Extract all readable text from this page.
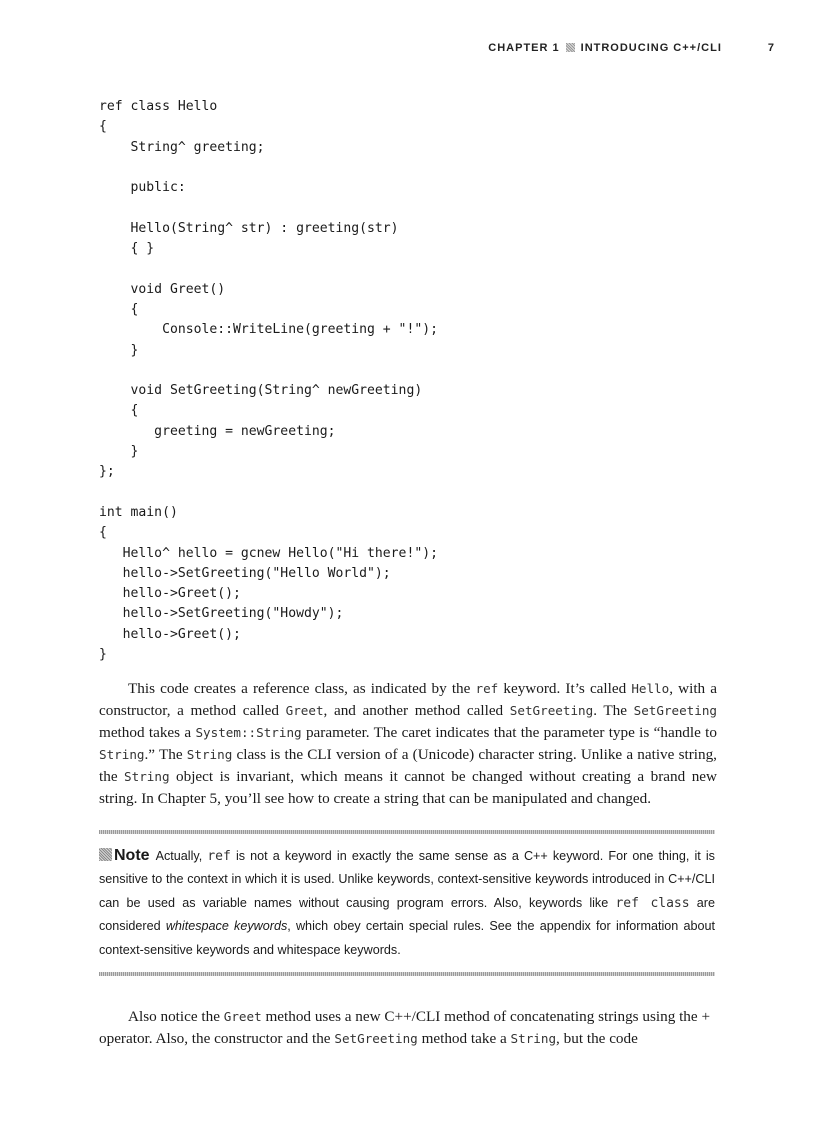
CHAPTER 1 INTRODUCING C++/CLI	7
ref class Hello
{
String^ greeting;
public:
Hello(String^ str) : greeting(str)
{ }
void Greet()
{
Console::WriteLine(greeting + "!");
}
void SetGreeting(String^ newGreeting)
{
greeting = newGreeting;
}
};
int main()
{
Hello^ hello = gcnew Hello("Hi there!");
hello->SetGreeting("Hello World");
hello->Greet();
hello->SetGreeting("Howdy");
hello->Greet();
}

This code creates a reference class, as indicated by the ref keyword. It’s called Hello, with a constructor, a method called Greet, and another method called SetGreeting. The SetGreeting method takes a System::String parameter. The caret indicates that the parameter type is “handle to String.” The String class is the CLI version of a (Unicode) character string. Unlike a native string, the String object is invariant, which means it cannot be changed without creating a brand new string. In Chapter 5, you’ll see how to create a string that can be manipulated and changed.

Note Actually, ref is not a keyword in exactly the same sense as a C++ keyword. For one thing, it is sensitive to the context in which it is used. Unlike keywords, context-sensitive keywords introduced in C++/CLI can be used as variable names without causing program errors. Also, keywords like ref class are considered whitespace keywords, which obey certain special rules. See the appendix for information about context-sensitive keywords and whitespace keywords.

Also notice the Greet method uses a new C++/CLI method of concatenating strings using the + operator. Also, the constructor and the SetGreeting method take a String, but the code
